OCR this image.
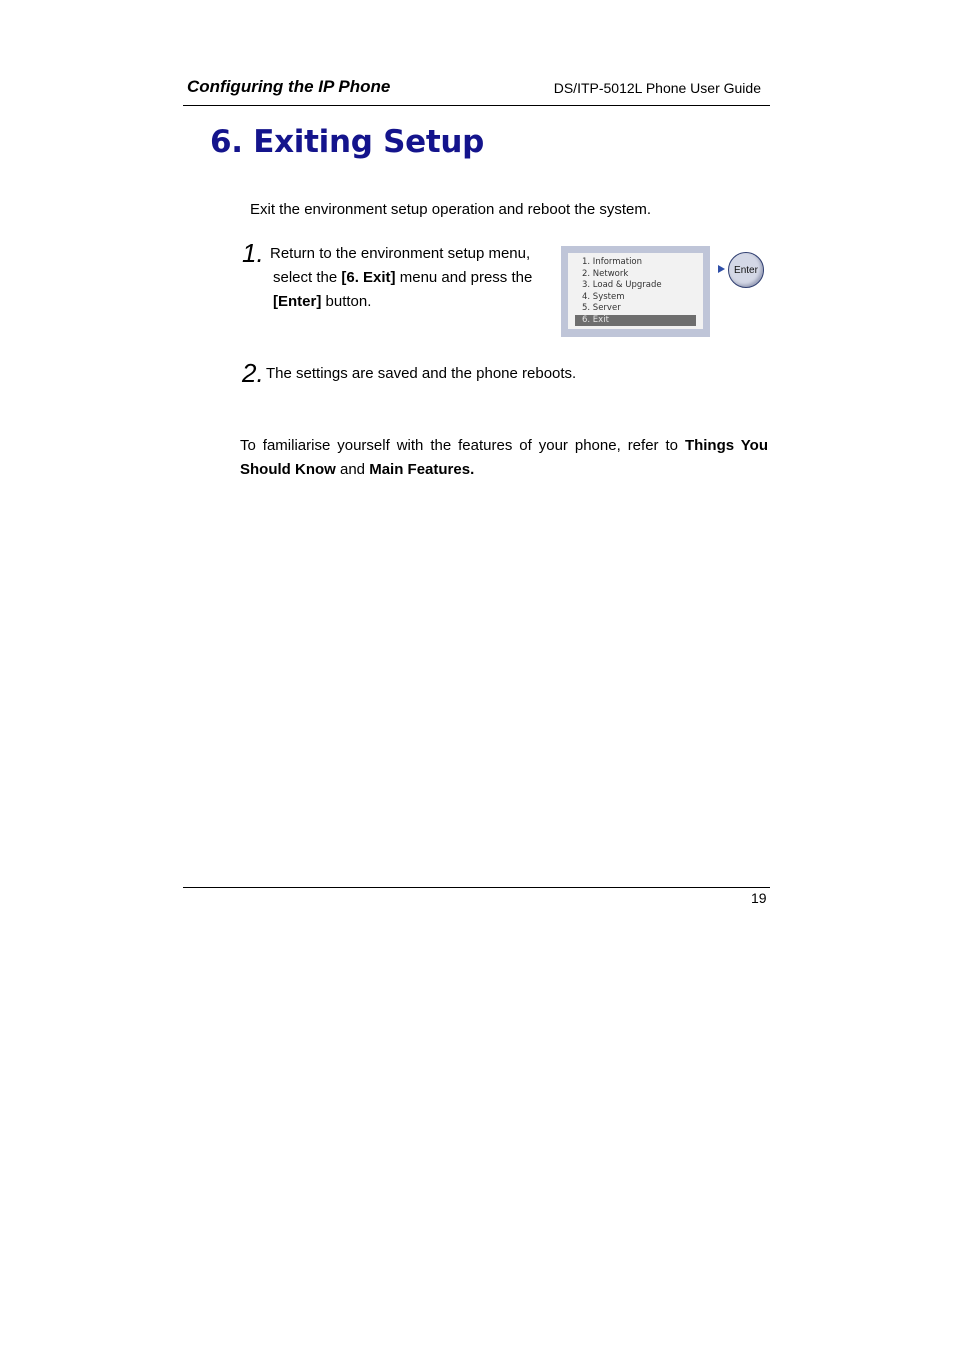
Configuring the IP Phone	DS/ITP-5012L Phone User Guide
6. Exiting Setup
Exit the environment setup operation and reboot the system.
1. Return to the environment setup menu,
select the [6. Exit] menu and press the
[Enter] button.
1. Information
2. Network
3. Load & Upgrade
4. System
5. Server
6. Exit
Enter
2. The settings are saved and the phone reboots.
To familiarise yourself with the features of your phone, refer to Things You Should Know and Main Features.
19
